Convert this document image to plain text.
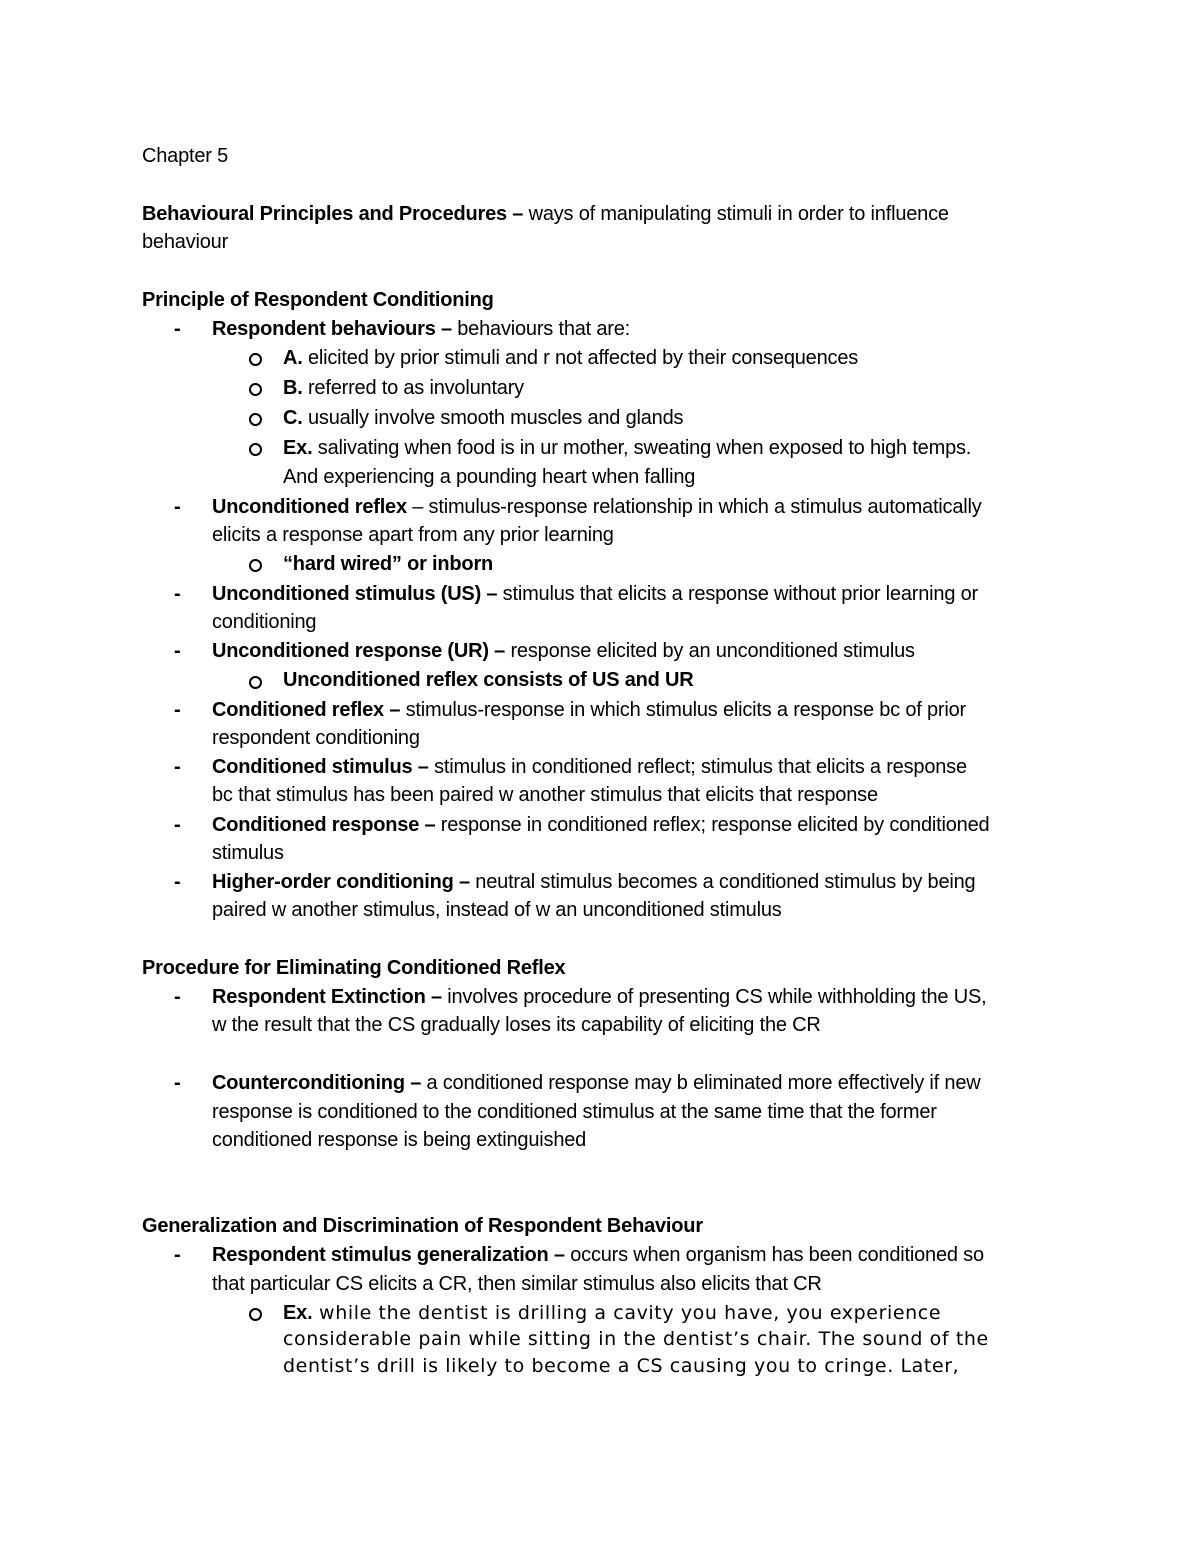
Chapter 5
Behavioural Principles and Procedures – ways of manipulating stimuli in order to influence
behaviour
Principle of Respondent Conditioning
- Respondent behaviours – behaviours that are:
A. elicited by prior stimuli and r not affected by their consequences
B. referred to as involuntary
C. usually involve smooth muscles and glands
Ex. salivating when food is in ur mother, sweating when exposed to high temps.
And experiencing a pounding heart when falling
- Unconditioned reflex – stimulus-response relationship in which a stimulus automatically
elicits a response apart from any prior learning
“hard wired” or inborn
- Unconditioned stimulus (US) – stimulus that elicits a response without prior learning or
conditioning
- Unconditioned response (UR) – response elicited by an unconditioned stimulus
Unconditioned reflex consists of US and UR
- Conditioned reflex – stimulus-response in which stimulus elicits a response bc of prior
respondent conditioning
- Conditioned stimulus – stimulus in conditioned reflect; stimulus that elicits a response
bc that stimulus has been paired w another stimulus that elicits that response
- Conditioned response – response in conditioned reflex; response elicited by conditioned
stimulus
- Higher-order conditioning – neutral stimulus becomes a conditioned stimulus by being
paired w another stimulus, instead of w an unconditioned stimulus
Procedure for Eliminating Conditioned Reflex
- Respondent Extinction – involves procedure of presenting CS while withholding the US,
w the result that the CS gradually loses its capability of eliciting the CR
- Counterconditioning – a conditioned response may b eliminated more effectively if new
response is conditioned to the conditioned stimulus at the same time that the former
conditioned response is being extinguished
Generalization and Discrimination of Respondent Behaviour
- Respondent stimulus generalization – occurs when organism has been conditioned so
that particular CS elicits a CR, then similar stimulus also elicits that CR
Ex. while the dentist is drilling a cavity you have, you experience
considerable pain while sitting in the dentist’s chair. The sound of the
dentist’s drill is likely to become a CS causing you to cringe. Later,
